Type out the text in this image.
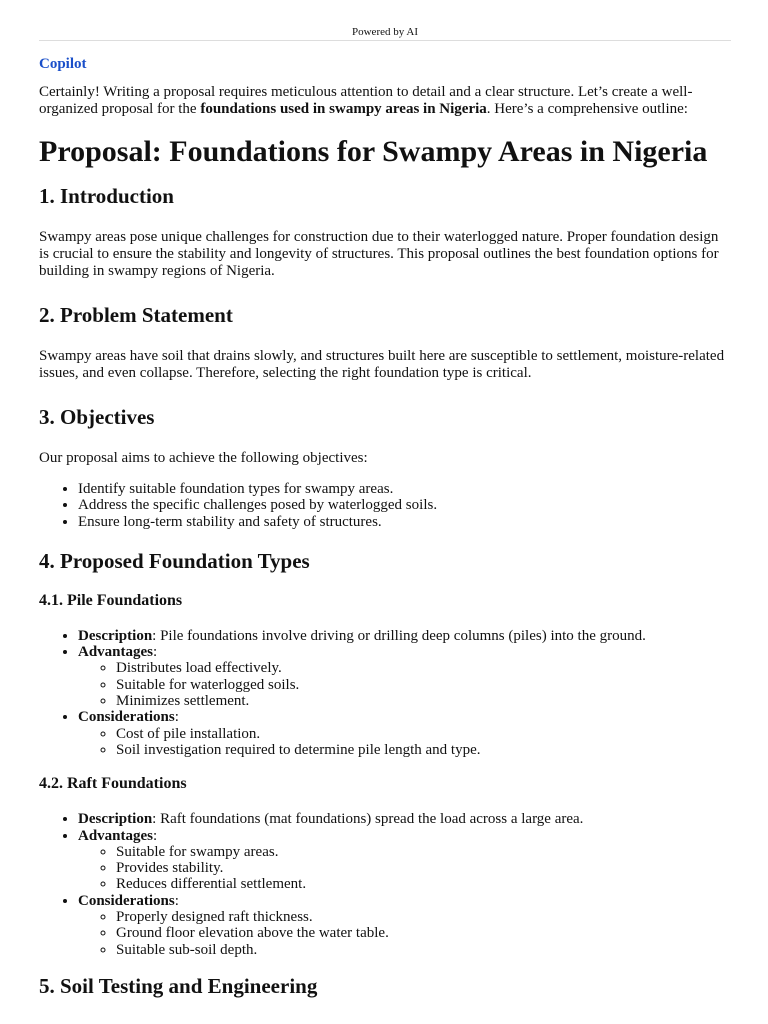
Powered by AI
Copilot

Certainly! Writing a proposal requires meticulous attention to detail and a clear structure. Let’s create a well-organized proposal for the foundations used in swampy areas in Nigeria. Here’s a comprehensive outline:

Proposal: Foundations for Swampy Areas in Nigeria
1. Introduction

Swampy areas pose unique challenges for construction due to their waterlogged nature. Proper foundation design is crucial to ensure the stability and longevity of structures. This proposal outlines the best foundation options for building in swampy regions of Nigeria.

2. Problem Statement

Swampy areas have soil that drains slowly, and structures built here are susceptible to settlement, moisture-related issues, and even collapse. Therefore, selecting the right foundation type is critical.

3. Objectives

Our proposal aims to achieve the following objectives:

• Identify suitable foundation types for swampy areas.
• Address the specific challenges posed by waterlogged soils.
• Ensure long-term stability and safety of structures.
4. Proposed Foundation Types
4.1. Pile Foundations
• Description: Pile foundations involve driving or drilling deep columns (piles) into the ground.
• Advantages:
◦ Distributes load effectively.
◦ Suitable for waterlogged soils.
◦ Minimizes settlement.
• Considerations:
◦ Cost of pile installation.
◦ Soil investigation required to determine pile length and type.
4.2. Raft Foundations
• Description: Raft foundations (mat foundations) spread the load across a large area.
• Advantages:
◦ Suitable for swampy areas.
◦ Provides stability.
◦ Reduces differential settlement.
• Considerations:
◦ Properly designed raft thickness.
◦ Ground floor elevation above the water table.
◦ Suitable sub-soil depth.
5. Soil Testing and Engineering
